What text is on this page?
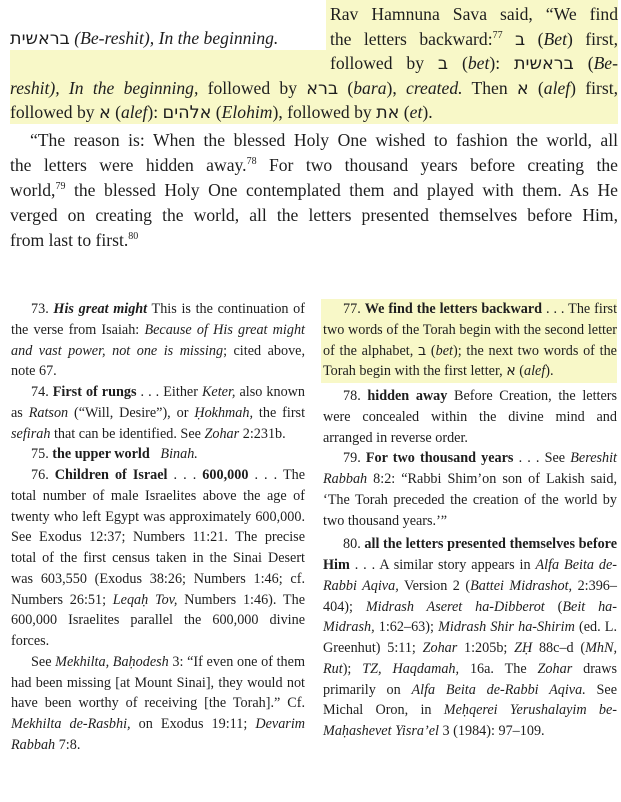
בראשית (Be-reshit), In the beginning.
Rav Hamnuna Sava said, “We find
the letters backward:$^{77}$ ב (Bet) first,
followed by ב (bet): בראשית (Be-
reshit), In the beginning, followed by ברא (bara), created. Then א (alef) first,
followed by א (alef): אלהים (Elohim), followed by את (et).
“The reason is: When the blessed Holy One wished to fashion the world, all
the letters were hidden away.$^{78}$ For two thousand years before creating the
world,$^{79}$ the blessed Holy One contemplated them and played with them. As He
verged on creating the world, all the letters presented themselves before Him,
from last to first.$^{80}$
73. His great might This is the continuation of the verse from Isaiah: Because of His great might and vast power, not one is missing; cited above, note 67.
74. First of rungs . . . Either Keter, also known as Ratson (“Will, Desire”), or Ḥokhmah, the first sefirah that can be identified. See Zohar 2:231b.
75. the upper world Binah.
76. Children of Israel . . . 600,000 . . . The total number of male Israelites above the age of twenty who left Egypt was approximately 600,000. See Exodus 12:37; Numbers 11:21. The precise total of the first census taken in the Sinai Desert was 603,550 (Exodus 38:26; Numbers 1:46; cf. Numbers 26:51; Leqaḥ Tov, Numbers 1:46). The 600,000 Israelites parallel the 600,000 divine forces.
See Mekhilta, Baḥodesh 3: “If even one of them had been missing [at Mount Sinai], they would not have been worthy of receiving [the Torah].” Cf. Mekhilta de-Rasbhi, on Exodus 19:11; Devarim Rabbah 7:8.
77. We find the letters backward . . . The first two words of the Torah begin with the second letter of the alphabet, ב (bet); the next two words of the Torah begin with the first letter, א (alef).
78. hidden away Before Creation, the letters were concealed within the divine mind and arranged in reverse order.
79. For two thousand years . . . See Bereshit Rabbah 8:2: “Rabbi Shim’on son of Lakish said, ‘The Torah preceded the creation of the world by two thousand years.’”
80. all the letters presented themselves before Him . . . A similar story appears in Alfa Beita de-Rabbi Aqiva, Version 2 (Battei Midrashot, 2:396–404); Midrash Aseret ha-Dibberot (Beit ha-Midrash, 1:62–63); Midrash Shir ha-Shirim (ed. L. Greenhut) 5:11; Zohar 1:205b; ZḤ 88c–d (MhN, Rut); TZ, Haqdamah, 16a. The Zohar draws primarily on Alfa Beita de-Rabbi Aqiva. See Michal Oron, in Meḥqerei Yerushalayim be-Maḥashevet Yisra’el 3 (1984): 97–109.
